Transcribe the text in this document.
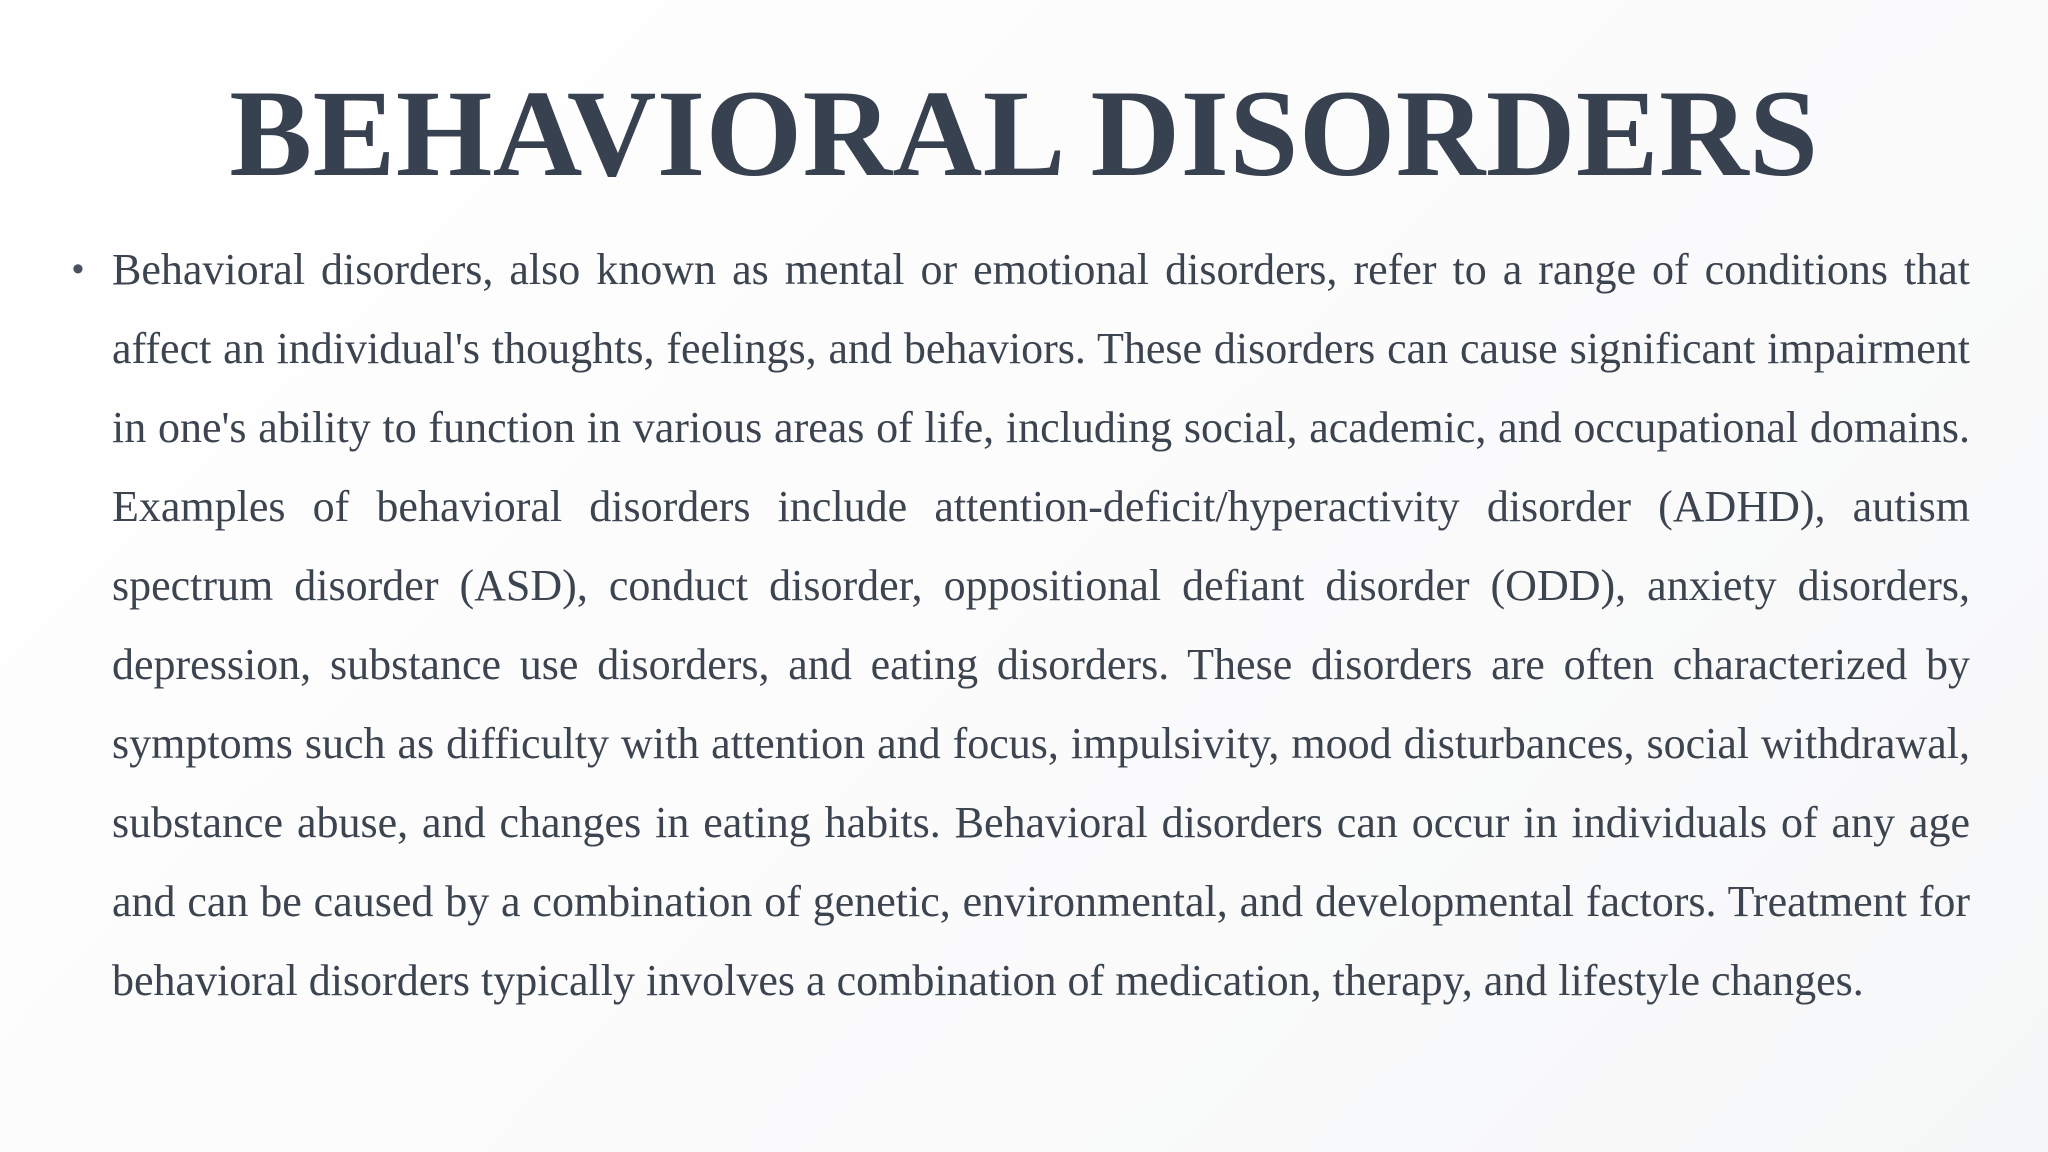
BEHAVIORAL DISORDERS
• Behavioral disorders, also known as mental or emotional disorders, refer to a range of conditions that affect an individual's thoughts, feelings, and behaviors. These disorders can cause significant impairment in one's ability to function in various areas of life, including social, academic, and occupational domains. Examples of behavioral disorders include attention-deficit/hyperactivity disorder (ADHD), autism spectrum disorder (ASD), conduct disorder, oppositional defiant disorder (ODD), anxiety disorders, depression, substance use disorders, and eating disorders. These disorders are often characterized by symptoms such as difficulty with attention and focus, impulsivity, mood disturbances, social withdrawal, substance abuse, and changes in eating habits. Behavioral disorders can occur in individuals of any age and can be caused by a combination of genetic, environmental, and developmental factors. Treatment for behavioral disorders typically involves a combination of medication, therapy, and lifestyle changes.
